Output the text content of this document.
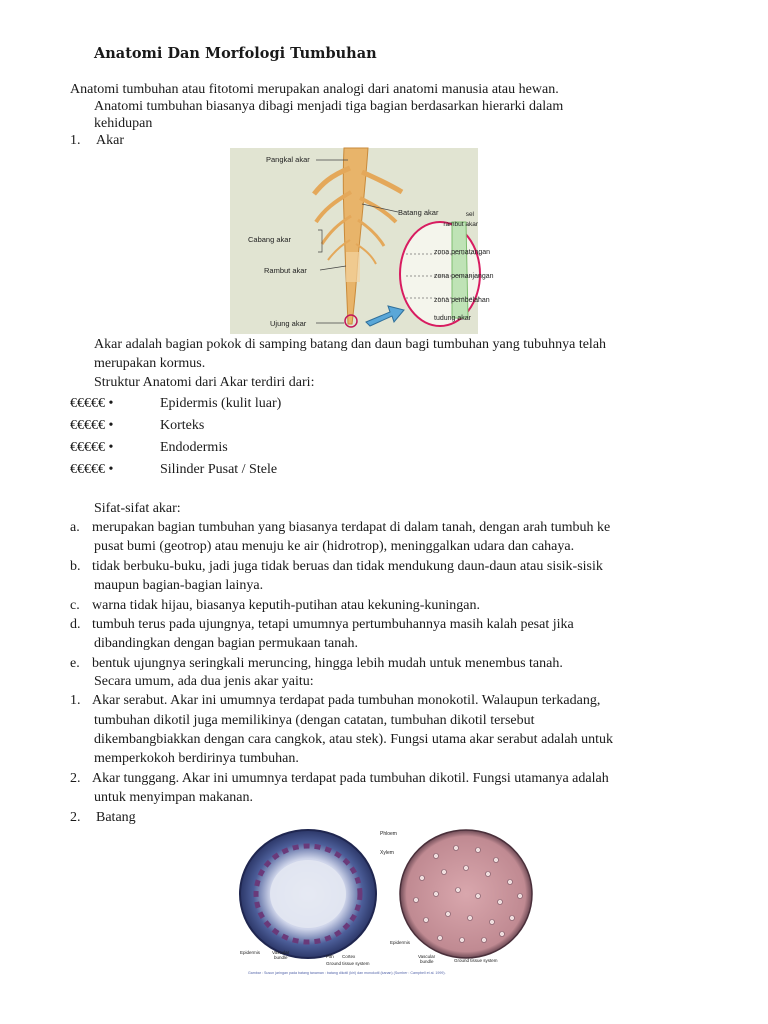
Anatomi Dan Morfologi Tumbuhan
Anatomi tumbuhan atau fitotomi merupakan analogi dari anatomi manusia atau hewan.
Anatomi tumbuhan biasanya dibagi menjadi tiga bagian berdasarkan hierarki dalam
kehidupan
1. Akar
Pangkal akar
Batang akar
Cabang akar
Rambut akar
Ujung akar
sel
rambut akar
zona pematangan
zona pemanjangan
zona pembelahan
tudung akar
Akar adalah bagian pokok di samping batang dan daun bagi tumbuhan yang tubuhnya telah
merupakan kormus.
Struktur Anatomi dari Akar terdiri dari:
€€€€€ •	Epidermis (kulit luar)
€€€€€ •	Korteks
€€€€€ •	Endodermis
€€€€€ •	Silinder Pusat / Stele
Sifat-sifat akar:
a. merupakan bagian tumbuhan yang biasanya terdapat di dalam tanah, dengan arah tumbuh ke
pusat bumi (geotrop) atau menuju ke air (hidrotrop), meninggalkan udara dan cahaya.
b. tidak berbuku-buku, jadi juga tidak beruas dan tidak mendukung daun-daun atau sisik-sisik
maupun bagian-bagian lainya.
c. warna tidak hijau, biasanya keputih-putihan atau kekuning-kuningan.
d. tumbuh terus pada ujungnya, tetapi umumnya pertumbuhannya masih kalah pesat jika
dibandingkan dengan bagian permukaan tanah.
e. bentuk ujungnya seringkali meruncing, hingga lebih mudah untuk menembus tanah.
Secara umum, ada dua jenis akar yaitu:
1. Akar serabut. Akar ini umumnya terdapat pada tumbuhan monokotil. Walaupun terkadang,
tumbuhan dikotil juga memilikinya (dengan catatan, tumbuhan dikotil tersebut
dikembangbiakkan dengan cara cangkok, atau stek). Fungsi utama akar serabut adalah untuk
memperkokoh berdirinya tumbuhan.
2. Akar tunggang. Akar ini umumnya terdapat pada tumbuhan dikotil. Fungsi utamanya adalah
untuk menyimpan makanan.
2. Batang
Phloem
Xylem
Epidermis	Vascular
bundle	Pith Cortex
Ground tissue system
Epidermis
Vascular
bundle	Ground tissue system
Gambar : Susun jaringan pada batang tanaman : batang dikotil (kiri) dan monokotil (kanan) (Sumber : Campbell et al. 1999).
